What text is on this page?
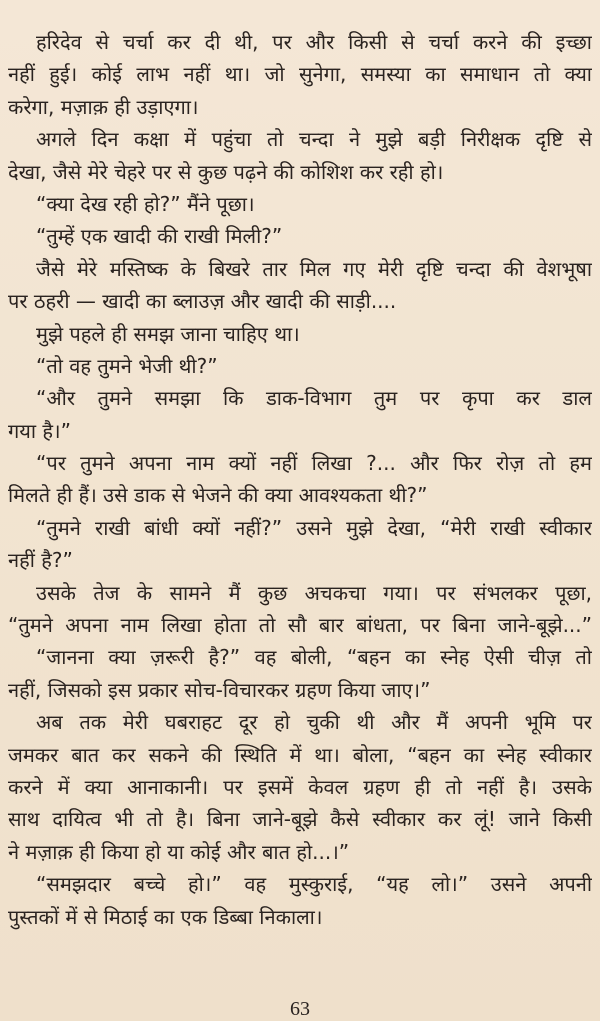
हरिदेव से चर्चा कर दी थी, पर और किसी से चर्चा करने की इच्छा
नहीं हुई। कोई लाभ नहीं था। जो सुनेगा, समस्या का समाधान तो क्या
करेगा, मज़ाक़ ही उड़ाएगा।
अगले दिन कक्षा में पहुंचा तो चन्दा ने मुझे बड़ी निरीक्षक दृष्टि से
देखा, जैसे मेरे चेहरे पर से कुछ पढ़ने की कोशिश कर रही हो।
“क्या देख रही हो?” मैंने पूछा।
“तुम्हें एक खादी की राखी मिली?”
जैसे मेरे मस्तिष्क के बिखरे तार मिल गए मेरी दृष्टि चन्दा की वेशभूषा
पर ठहरी — खादी का ब्लाउज़ और खादी की साड़ी....
मुझे पहले ही समझ जाना चाहिए था।
“तो वह तुमने भेजी थी?”
“और तुमने समझा कि डाक-विभाग तुम पर कृपा कर डाल
गया है।”
“पर तुमने अपना नाम क्यों नहीं लिखा ?... और फिर रोज़ तो हम
मिलते ही हैं। उसे डाक से भेजने की क्या आवश्यकता थी?”
“तुमने राखी बांधी क्यों नहीं?” उसने मुझे देखा, “मेरी राखी स्वीकार
नहीं है?”
उसके तेज के सामने मैं कुछ अचकचा गया। पर संभलकर पूछा,
“तुमने अपना नाम लिखा होता तो सौ बार बांधता, पर बिना जाने-बूझे...”
“जानना क्या ज़रूरी है?” वह बोली, “बहन का स्नेह ऐसी चीज़ तो
नहीं, जिसको इस प्रकार सोच-विचारकर ग्रहण किया जाए।”
अब तक मेरी घबराहट दूर हो चुकी थी और मैं अपनी भूमि पर
जमकर बात कर सकने की स्थिति में था। बोला, “बहन का स्नेह स्वीकार
करने में क्या आनाकानी। पर इसमें केवल ग्रहण ही तो नहीं है। उसके
साथ दायित्व भी तो है। बिना जाने-बूझे कैसे स्वीकार कर लूं! जाने किसी
ने मज़ाक़ ही किया हो या कोई और बात हो...।”
“समझदार बच्चे हो।” वह मुस्कुराई, “यह लो।” उसने अपनी
पुस्तकों में से मिठाई का एक डिब्बा निकाला।
63
